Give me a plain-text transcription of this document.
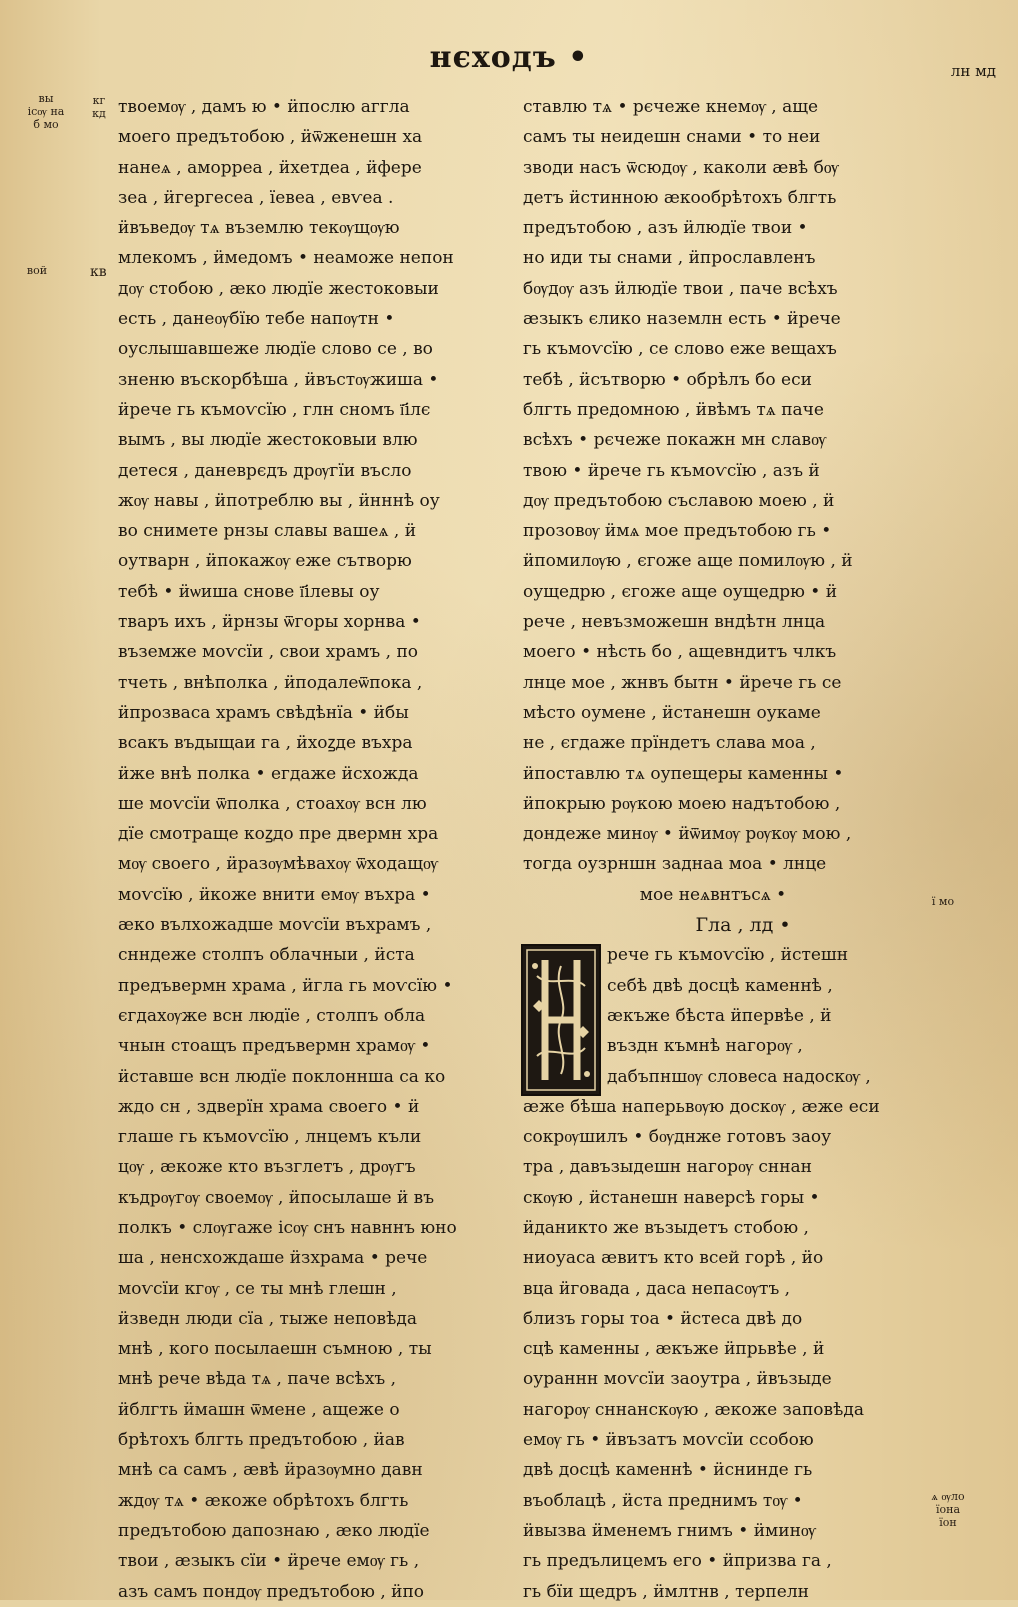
нєходъ •	лн мд
вы
ісѹ на
б мо
кг
кд
вой	кв
ї мо
ѧ ѹло
їона
їон
твоемѹ , дамъ ю • ӥпослю аггла
моего предътобою , ӥѿженешн ха
нанеѧ , аморреа , ӥхетдеа , ӥфере
зеа , ӥгергесеа , їевеа , евѵеа .
ӥвъведѹ тѧ въземлю текѹщѹю
млекомъ , ӥмедомъ • неаможе непон
дѹ стобою , ӕко людїе жестоковыи
есть , данеѹбїю тебе напѹтн •
оуслышавшеже людїе слово се , во
зненю въскорбѣша , ӥвъстѹжиша •
ӥрече гь къмоѵсїю , глн сномъ ї҃ілє
вымъ , вы людїе жестоковыи влю
детеся , даневрєдъ дрѹгїи въсло
жѹ навы , ӥпотреблю вы , ӥнннѣ оу
во снимете рнзы славы вашеѧ , ӥ
оутварн , ӥпокажѹ еже сътворю
тебѣ • ӥѡиша снове ї҃ілевы оу
тваръ ихъ , ӥрнзы ѿгоры хорнва •
въземже моѵсїи , свои храмъ , по
тчеть , внѣполка , ӥподалеѿпока ,
ӥпрозваса храмъ свѣдѣнїа • ӥбы
всакъ въдыщаи га , ӥхоꙁде въхра
ӥже внѣ полка • егдаже ӥсхожда
ше моѵсїи ѿполка , стоахѹ всн лю
дїе смотраще коꙁдо пре двермн хра
мѹ своего , ӥразѹмѣвахѹ ѿходащѹ
моѵсїю , ӥкоже внити емѹ въхра •
ӕко вълхожадше моѵсїи въхрамъ ,
снндеже столпъ облачныи , ӥста
предъвермн храма , ӥгла гь моѵсїю •
єгдахѹже всн людїе , столпъ обла
чнын стоащъ предъвермн храмѹ •
ӥставше всн людїе поклоннша са ко
ждо сн , здверїн храма своего • ӥ
глаше гь къмоѵсїю , лнцемъ къли
цѹ , ӕкоже кто възглетъ , дрѹгъ
къдрѹгѹ своемѹ , ӥпосылаше ӥ въ
полкъ • слѹгаже ісѹ снъ навннъ юно
ша , ненсхождаше ӥзхрама • рече
моѵсїи кгѹ , се ты мнѣ глешн ,
ӥзведн люди сїа , тыже неповѣда
мнѣ , кого посылаешн съмною , ты
мнѣ рече вѣда тѧ , паче всѣхъ ,
ӥблгть ӥмашн ѿмене , ащеже о
брѣтохъ блгть предътобою , ӥав
мнѣ са самъ , ӕвѣ ӥразѹмно давн
ждѹ тѧ • ӕкоже обрѣтохъ блгть
предътобою дапознаю , ӕко людїе
твои , ӕзыкъ сїи • ӥрече емѹ гь ,
азъ самъ пондѹ предътобою , ӥпо
ставлю тѧ • рєчеже кнемѹ , аще
самъ ты неидешн снами • то неи
зводи насъ ѿсюдѹ , каколи ӕвѣ бѹ
детъ ӥстинною ӕкообрѣтохъ блгть
предътобою , азъ ӥлюдїе твои •
но иди ты снами , ӥпрославленъ
бѹдѹ азъ ӥлюдїе твои , паче всѣхъ
ӕзыкъ єлико наземлн есть • ӥрече
гь къмоѵсїю , се слово еже вещахъ
тебѣ , ӥсътворю • обрѣлъ бо еси
блгть предомною , ӥвѣмъ тѧ паче
всѣхъ • рєчеже покажн мн славѹ
твою • ӥрече гь къмоѵсїю , азъ ӥ
дѹ предътобою съславою моею , ӥ
прозовѹ ӥмѧ мое предътобою гь •
ӥпомилѹю , єгоже аще помилѹю , ӥ
оущедрю , єгоже аще оущедрю • ӥ
рече , невъзможешн вндѣтн лнца
моего • нѣсть бо , ащевндитъ члкъ
лнце мое , жнвъ бытн • ӥрече гь се
мѣсто оумене , ӥстанешн оукаме
не , єгдаже прїндетъ слава моа ,
ӥпоставлю тѧ оупещеры каменны •
ӥпокрыю рѹкою моею надътобою ,
дондеже минѹ • ӥѿимѹ рѹкѹ мою ,
тогда оузрншн заднаа моа • лнце
мое неѧвнтъсѧ •
Гла , лд •
рече гь къмоѵсїю , ӥстешн
себѣ двѣ досцѣ каменнѣ ,
ӕкъже бѣста ӥпервѣе , ӥ
въздн къмнѣ нагорѹ ,
дабъпншѹ словеса надоскѹ ,
ӕже бѣша наперьвѹю доскѹ , ӕже еси
сокрѹшилъ • бѹднже готовъ заоу
тра , давъзыдешн нагорѹ сннан
скѹю , ӥстанешн наверсѣ горы •
ӥданикто же възыдетъ стобою ,
ниоуаса ӕвитъ кто всей горѣ , ӥо
вца ӥговада , даса непасѹтъ ,
близъ горы тоа • ӥстеса двѣ до
сцѣ каменны , ӕкъже ӥпрьвѣе , ӥ
оураннн моѵсїи заоутра , ӥвъзыде
нагорѹ сннанскѹю , ӕкоже заповѣда
емѹ гь • ӥвъзатъ моѵсїи ссобою
двѣ досцѣ каменнѣ • ӥснинде гь
въоблацѣ , ӥста преднимъ тѹ •
ӥвызва ӥменемъ гнимъ • ӥминѹ
гь предълицемъ его • ӥпризва га ,
гь бїи щедръ , ӥмлтнв , терпелн
